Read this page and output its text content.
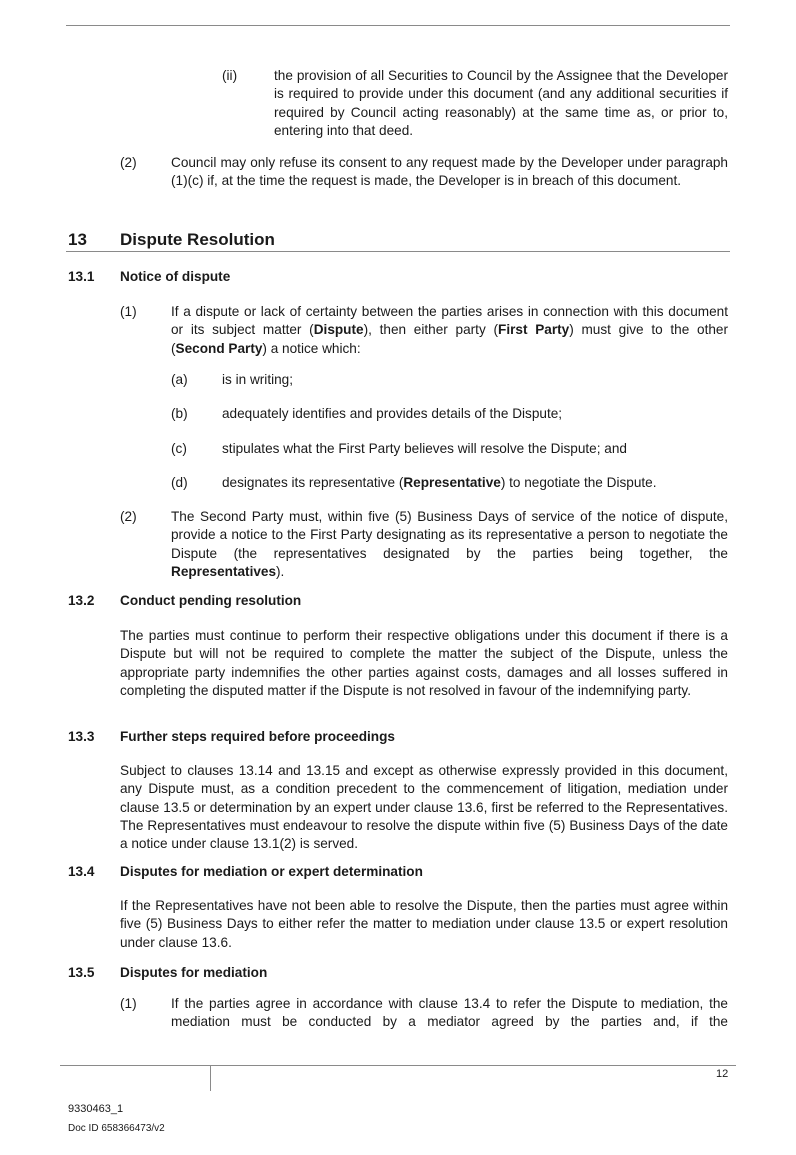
(ii)	the provision of all Securities to Council by the Assignee that the Developer is required to provide under this document (and any additional securities if required by Council acting reasonably) at the same time as, or prior to, entering into that deed.
(2)	Council may only refuse its consent to any request made by the Developer under paragraph (1)(c) if, at the time the request is made, the Developer is in breach of this document.
13 Dispute Resolution
13.1 Notice of dispute
(1)	If a dispute or lack of certainty between the parties arises in connection with this document or its subject matter (Dispute), then either party (First Party) must give to the other (Second Party) a notice which:
(a)	is in writing;
(b)	adequately identifies and provides details of the Dispute;
(c)	stipulates what the First Party believes will resolve the Dispute; and
(d)	designates its representative (Representative) to negotiate the Dispute.
(2)	The Second Party must, within five (5) Business Days of service of the notice of dispute, provide a notice to the First Party designating as its representative a person to negotiate the Dispute (the representatives designated by the parties being together, the Representatives).
13.2 Conduct pending resolution
The parties must continue to perform their respective obligations under this document if there is a Dispute but will not be required to complete the matter the subject of the Dispute, unless the appropriate party indemnifies the other parties against costs, damages and all losses suffered in completing the disputed matter if the Dispute is not resolved in favour of the indemnifying party.
13.3 Further steps required before proceedings
Subject to clauses 13.14 and 13.15 and except as otherwise expressly provided in this document, any Dispute must, as a condition precedent to the commencement of litigation, mediation under clause 13.5 or determination by an expert under clause 13.6, first be referred to the Representatives. The Representatives must endeavour to resolve the dispute within five (5) Business Days of the date a notice under clause 13.1(2) is served.
13.4 Disputes for mediation or expert determination
If the Representatives have not been able to resolve the Dispute, then the parties must agree within five (5) Business Days to either refer the matter to mediation under clause 13.5 or expert resolution under clause 13.6.
13.5 Disputes for mediation
(1)	If the parties agree in accordance with clause 13.4 to refer the Dispute to mediation, the mediation must be conducted by a mediator agreed by the parties and, if the
12
9330463_1
Doc ID 658366473/v2
